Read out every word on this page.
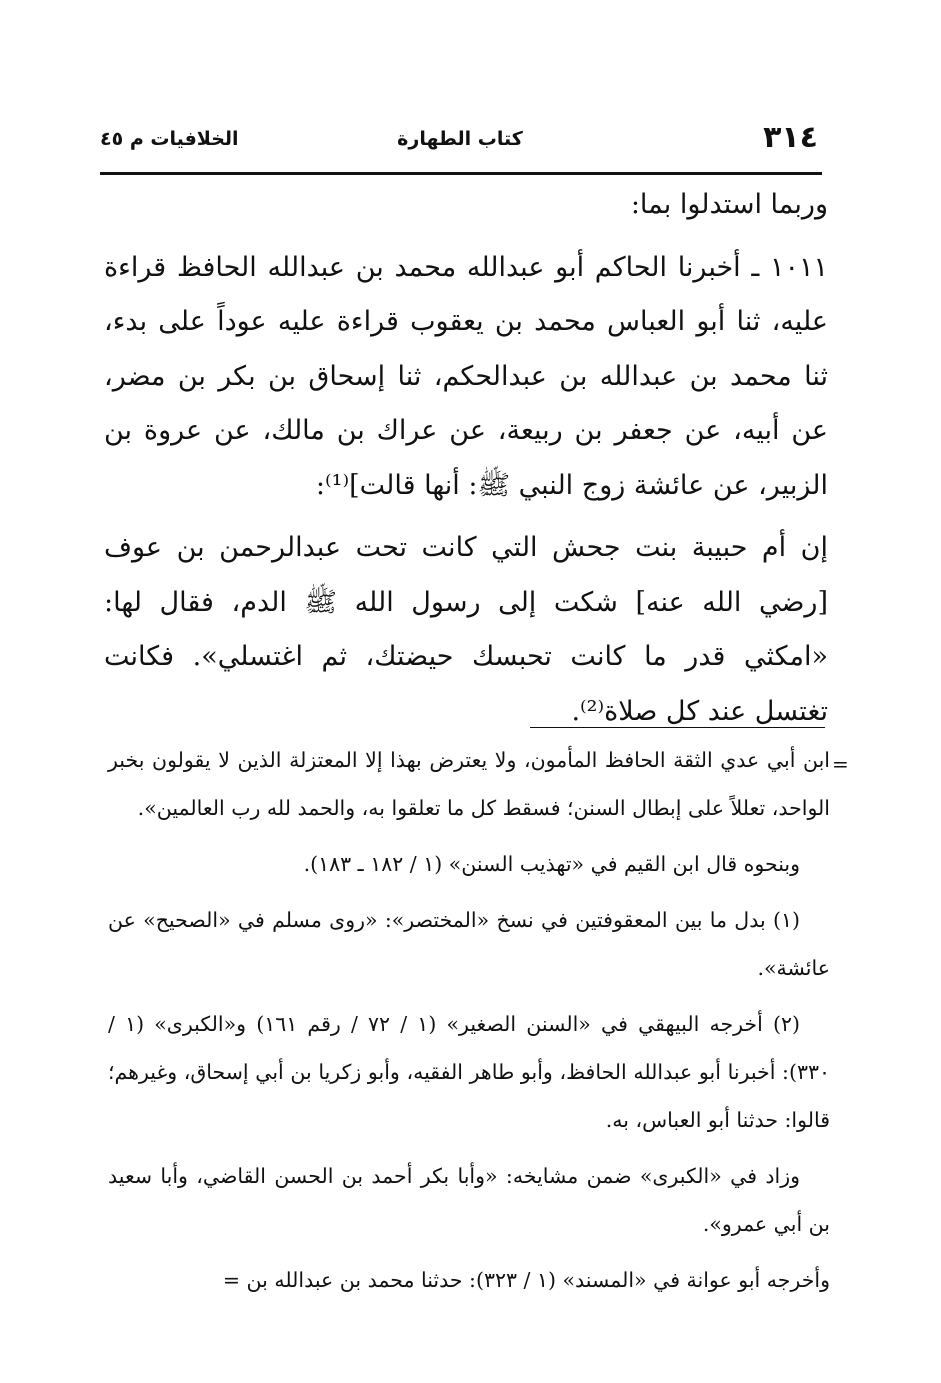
٣١٤
كتاب الطهارة
الخلافيات م ٤٥

وربما استدلوا بما:

١٠١١ ـ أخبرنا الحاكم أبو عبدالله محمد بن عبدالله الحافظ قراءة عليه، ثنا أبو العباس محمد بن يعقوب قراءة عليه عوداً على بدء، ثنا محمد بن عبدالله بن عبدالحكم، ثنا إسحاق بن بكر بن مضر، عن أبيه، عن جعفر بن ربيعة، عن عراك بن مالك، عن عروة بن الزبير، عن عائشة زوج النبي ﷺ: أنها قالت]⁽¹⁾:

إن أم حبيبة بنت جحش التي كانت تحت عبدالرحمن بن عوف [رضي الله عنه] شكت إلى رسول الله ﷺ الدم، فقال لها: «امكثي قدر ما كانت تحبسك حيضتك، ثم اغتسلي». فكانت تغتسل عند كل صلاة⁽²⁾.

=

ابن أبي عدي الثقة الحافظ المأمون، ولا يعترض بهذا إلا المعتزلة الذين لا يقولون بخبر الواحد، تعللاً على إبطال السنن؛ فسقط كل ما تعلقوا به، والحمد لله رب العالمين».

وبنحوه قال ابن القيم في «تهذيب السنن» (١ / ١٨٢ ـ ١٨٣).

(١) بدل ما بين المعقوفتين في نسخ «المختصر»: «روى مسلم في «الصحيح» عن عائشة».

(٢) أخرجه البيهقي في «السنن الصغير» (١ / ٧٢ / رقم ١٦١) و«الكبرى» (١ / ٣٣٠): أخبرنا أبو عبدالله الحافظ، وأبو طاهر الفقيه، وأبو زكريا بن أبي إسحاق، وغيرهم؛ قالوا: حدثنا أبو العباس، به.

وزاد في «الكبرى» ضمن مشايخه: «وأبا بكر أحمد بن الحسن القاضي، وأبا سعيد بن أبي عمرو».

وأخرجه أبو عوانة في «المسند» (١ / ٣٢٣): حدثنا محمد بن عبدالله بن =
